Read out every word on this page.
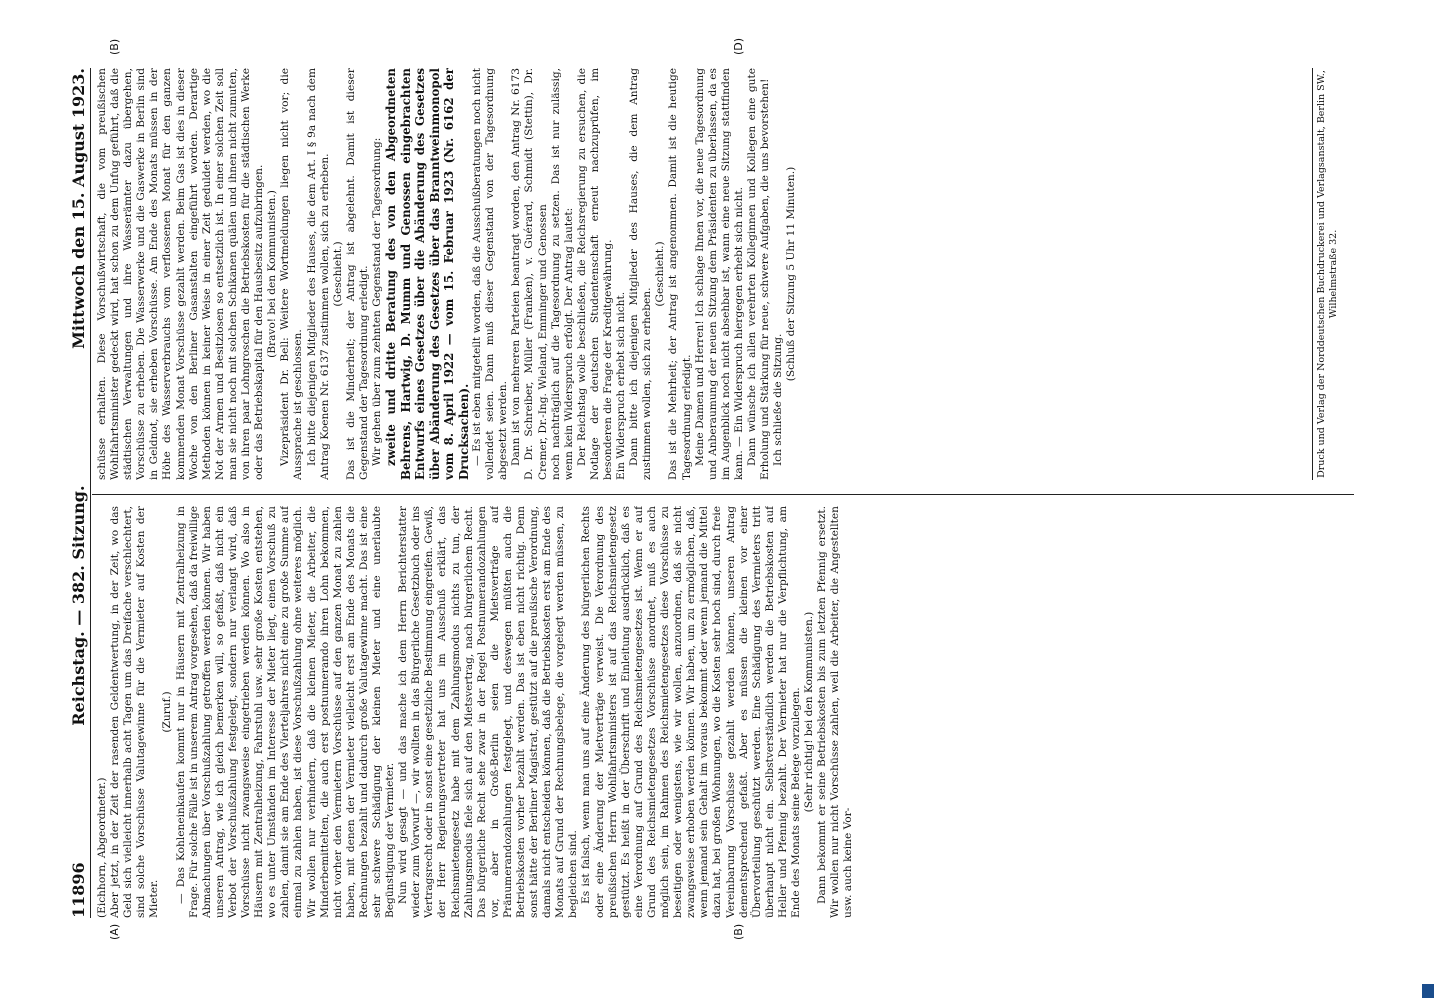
11896
Reichstag. — 382. Sitzung.
Mittwoch den 15. August 1923.
(A)	(B)
(B)	(D)

(Eichhorn, Abgeordneter.) Aber jetzt, in der Zeit der rasenden Geldentwertung, in der Zeit, wo das Geld sich vielleicht innerhalb acht Tagen um das Dreifache verschlechtert, sind solche Vorschüsse Valutagewinne für die Vermieter auf Kosten der Mieter.

(Zuruf.) — Das Kohleneinkaufen kommt nur in Häusern mit Zentralheizung in Frage. Für solche Fälle ist in unserem Antrag vorgesehen, daß da freiwillige Abmachungen über Vorschußzahlung getroffen werden können. Wir haben unseren Antrag, wie ich gleich bemerken will, so gefaßt, daß nicht ein Verbot der Vorschußzahlung festgelegt, sondern nur verlangt wird, daß Vorschüsse nicht zwangsweise eingetrieben werden können. Wo also in Häusern mit Zentralheizung, Fahrstuhl usw. sehr große Kosten entstehen, wo es unter Umständen im Interesse der Mieter liegt, einen Vorschuß zu zahlen, damit sie am Ende des Vierteljahres nicht eine zu große Summe auf einmal zu zahlen haben, ist diese Vorschußzahlung ohne weiteres möglich. Wir wollen nur verhindern, daß die kleinen Mieter, die Arbeiter, die Minderbemittelten, die auch erst postnumerando ihren Lohn bekommen, nicht vorher den Vermietern Vorschüsse auf den ganzen Monat zu zahlen haben, mit denen der Vermieter vielleicht erst am Ende des Monats die Rechnungen bezahlt und dadurch große Valutagewinne macht. Das ist eine sehr schwere Schädigung der kleinen Mieter und eine unerlaubte Begünstigung der Vermieter. Nun wird gesagt — und das mache ich dem Herrn Berichterstatter wieder zum Vorwurf —, wir wollten in das Bürgerliche Gesetzbuch oder ins Vertragsrecht oder in sonst eine gesetzliche Bestimmung eingreifen. Gewiß, der Herr Regierungsvertreter hat uns im Ausschuß erklärt, das Reichsmietengesetz habe mit dem Zahlungsmodus nichts zu tun, der Zahlungsmodus fiele sich auf den Mietsvertrag, nach bürgerlichem Recht. Das bürgerliche Recht sehe zwar in der Regel Postnumerandozahlungen vor, aber in Groß-Berlin seien die Mietsverträge auf Pränumerandozahlungen festgelegt, und deswegen müßten auch die Betriebskosten vorher bezahlt werden. Das ist eben nicht richtig. Denn sonst hätte der Berliner Magistrat, gestützt auf die preußische Verordnung, damals nicht entscheiden können, daß die Betriebskosten erst am Ende des Monats auf Grund der Rechnungsbelege, die vorgelegt werden müssen, zu begleichen sind. Es ist falsch, wenn man uns auf eine Änderung des bürgerlichen Rechts oder eine Änderung der Mietverträge verweist. Die Verordnung des preußischen Herrn Wohlfahrtsministers ist auf das Reichsmietengesetz gestützt. Es heißt in der Überschrift und Einleitung ausdrücklich, daß es eine Verordnung auf Grund des Reichsmietengesetzes ist. Wenn er auf Grund des Reichsmietengesetzes Vorschüsse anordnet, muß es auch möglich sein, im Rahmen des Reichsmietengesetzes diese Vorschüsse zu beseitigen oder wenigstens, wie wir wollen, anzuordnen, daß sie nicht zwangsweise erhoben werden können. Wir haben, um zu ermöglichen, daß, wenn jemand sein Gehalt im voraus bekommt oder wenn jemand die Mittel dazu hat, bei großen Wohnungen, wo die Kosten sehr hoch sind, durch freie Vereinbarung Vorschüsse gezahlt werden können, unseren Antrag dementsprechend gefaßt. Aber es müssen die kleinen vor einer Übervorteilung geschützt werden. Eine Schädigung des Vermieters tritt überhaupt nicht ein. Selbstverständlich werden die Betriebskosten auf Heller und Pfennig bezahlt. Der Vermieter hat nur die Verpflichtung, am Ende des Monats seine Belege vorzulegen. (Sehr richtig! bei den Kommunisten.) Dann bekommt er seine Betriebskosten bis zum letzten Pfennig ersetzt. Wir wollen nur nicht Vorschüsse zahlen, weil die Arbeiter, die Angestellten usw. auch keine Vor-

schüsse erhalten. Diese Vorschußwirtschaft, die vom preußischen Wohlfahrtsminister gedeckt wird, hat schon zu dem Unfug geführt, daß die städtischen Verwaltungen und ihre Wasserämter dazu übergehen, Vorschüsse zu erheben. Die Wasserwerke und die Gaswerke in Berlin sind in Geldnot, sie erheben Vorschüsse. Am Ende des Monats müssen in der Höhe des Wasserverbrauchs vom verflossenen Monat für den ganzen kommenden Monat Vorschüsse gezahlt werden. Beim Gas ist dies in dieser Woche von den Berliner Gasanstalten eingeführt worden. Derartige Methoden können in keiner Weise in einer Zeit geduldet werden, wo die Not der Armen und Besitzlosen so entsetzlich ist. In einer solchen Zeit soll man sie nicht noch mit solchen Schikanen quälen und ihnen nicht zumuten, von ihren paar Lohngroschen die Betriebskosten für die städtischen Werke oder das Betriebskapital für den Hausbesitz aufzubringen. (Bravo! bei den Kommunisten.) Vizepräsident Dr. Bell: Weitere Wortmeldungen liegen nicht vor; die Aussprache ist geschlossen. Ich bitte diejenigen Mitglieder des Hauses, die dem Art. I § 9a nach dem Antrag Koenen Nr. 6137 zustimmen wollen, sich zu erheben. (Geschieht.) Das ist die Minderheit; der Antrag ist abgelehnt. Damit ist dieser Gegenstand der Tagesordnung erledigt. Wir gehen über zum zehnten Gegenstand der Tagesordnung: zweite und dritte Beratung des von den Abgeordneten Behrens, Hartwig, D. Mumm und Genossen eingebrachten Entwurfs eines Gesetzes über die Abänderung des Gesetzes über Abänderung des Gesetzes über das Branntweinmonopol vom 8. April 1922 — vom 15. Februar 1923 (Nr. 6162 der Drucksachen). — Es ist eben mitgeteilt worden, daß die Ausschußberatungen noch nicht vollendet seien. Dann muß dieser Gegenstand von der Tagesordnung abgesetzt werden. Dann ist von mehreren Parteien beantragt worden, den Antrag Nr. 6173 D. Dr. Schreiber, Müller (Franken), v. Guérard, Schmidt (Stettin), Dr. Cremer, Dr.-Ing. Wieland, Emminger und Genossen noch nachträglich auf die Tagesordnung zu setzen. Das ist nur zulässig, wenn kein Widerspruch erfolgt. Der Antrag lautet: Der Reichstag wolle beschließen, die Reichsregierung zu ersuchen, die Notlage der deutschen Studentenschaft erneut nachzuprüfen, im besonderen die Frage der Kreditgewährung. Ein Widerspruch erhebt sich nicht. Dann bitte ich diejenigen Mitglieder des Hauses, die dem Antrag zustimmen wollen, sich zu erheben.

(Geschieht.) Das ist die Mehrheit; der Antrag ist angenommen. Damit ist die heutige Tagesordnung erledigt. Meine Damen und Herren! Ich schlage Ihnen vor, die neue Tagesordnung und Anberaumung der neuen Sitzung dem Präsidenten zu überlassen, da es im Augenblick noch nicht absehbar ist, wann eine neue Sitzung stattfinden kann. — Ein Widerspruch hiergegen erhebt sich nicht. Dann wünsche ich allen verehrten Kolleginnen und Kollegen eine gute Erholung und Stärkung für neue, schwere Aufgaben, die uns bevorstehen! Ich schließe die Sitzung.

(Schluß der Sitzung 5 Uhr 11 Minuten.)	Druck und Verlag der Norddeutschen Buchdruckerei und Verlagsanstalt, Berlin SW., Wilhelmstraße 32.
